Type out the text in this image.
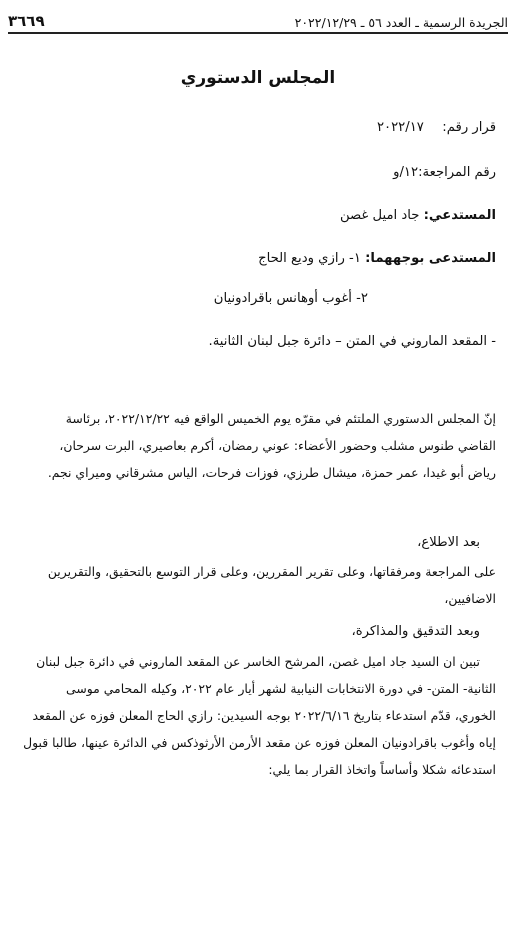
الجريدة الرسمية ـ العدد ٥٦ ـ ٢٠٢٢/١٢/٢٩
٣٦٦٩
المجلس الدستوري
قرار رقم:  ٢٠٢٢/١٧
رقم المراجعة:١٢/و
المستدعي: جاد اميل غصن
المستدعى بوجههما: ١- رازي وديع الحاج
٢- أغوب أوهانس باقرادونيان
- المقعد الماروني في المتن – دائرة جبل لبنان الثانية.
إنّ المجلس الدستوري الملتئم في مقرّه يوم الخميس الواقع فيه ٢٠٢٢/١٢/٢٢، برئاسة
القاضي طنوس مشلب وحضور الأعضاء: عوني رمضان، أكرم بعاصيري، البرت سرحان،
رياض أبو غيدا، عمر حمزة، ميشال طرزي، فوزات فرحات، الياس مشرقاني وميراي نجم.
بعد الاطلاع،
على المراجعة ومرفقاتها، وعلى تقرير المقررين، وعلى قرار التوسع بالتحقيق، والتقريرين
الاضافيين،
وبعد التدقيق والمذاكرة،
تبين ان السيد جاد اميل غصن، المرشح الخاسر عن المقعد الماروني في دائرة جبل لبنان
الثانية- المتن- في دورة الانتخابات النيابية لشهر أيار عام ٢٠٢٢، وكيله المحامي موسى
الخوري، قدّم استدعاء بتاريخ ٢٠٢٢/٦/١٦ بوجه السيدين: رازي الحاج المعلن فوزه عن المقعد
إياه وأغوب باقرادونيان المعلن فوزه عن مقعد الأرمن الأرثوذكس في الدائرة عينها، طالبا قبول
استدعائه شكلا وأساساً واتخاذ القرار بما يلي:
